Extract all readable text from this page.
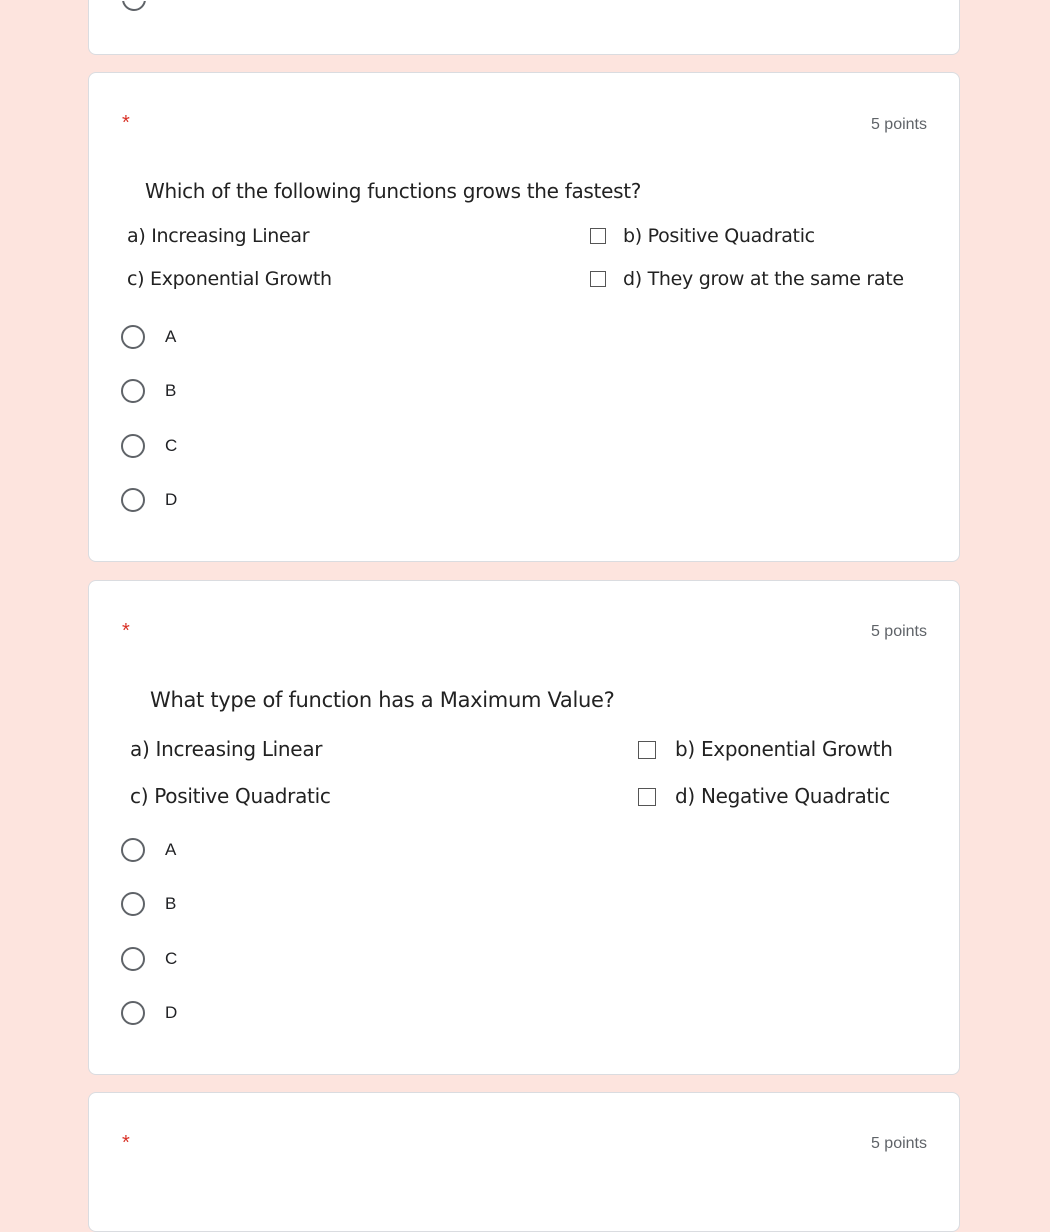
*	5 points
Which of the following functions grows the fastest?
a) Increasing Linear	b) Positive Quadratic
c) Exponential Growth	d) They grow at the same rate
A
B
C
D
*	5 points
What type of function has a Maximum Value?
a) Increasing Linear	b) Exponential Growth
c) Positive Quadratic	d) Negative Quadratic
A
B
C
D
*	5 points
